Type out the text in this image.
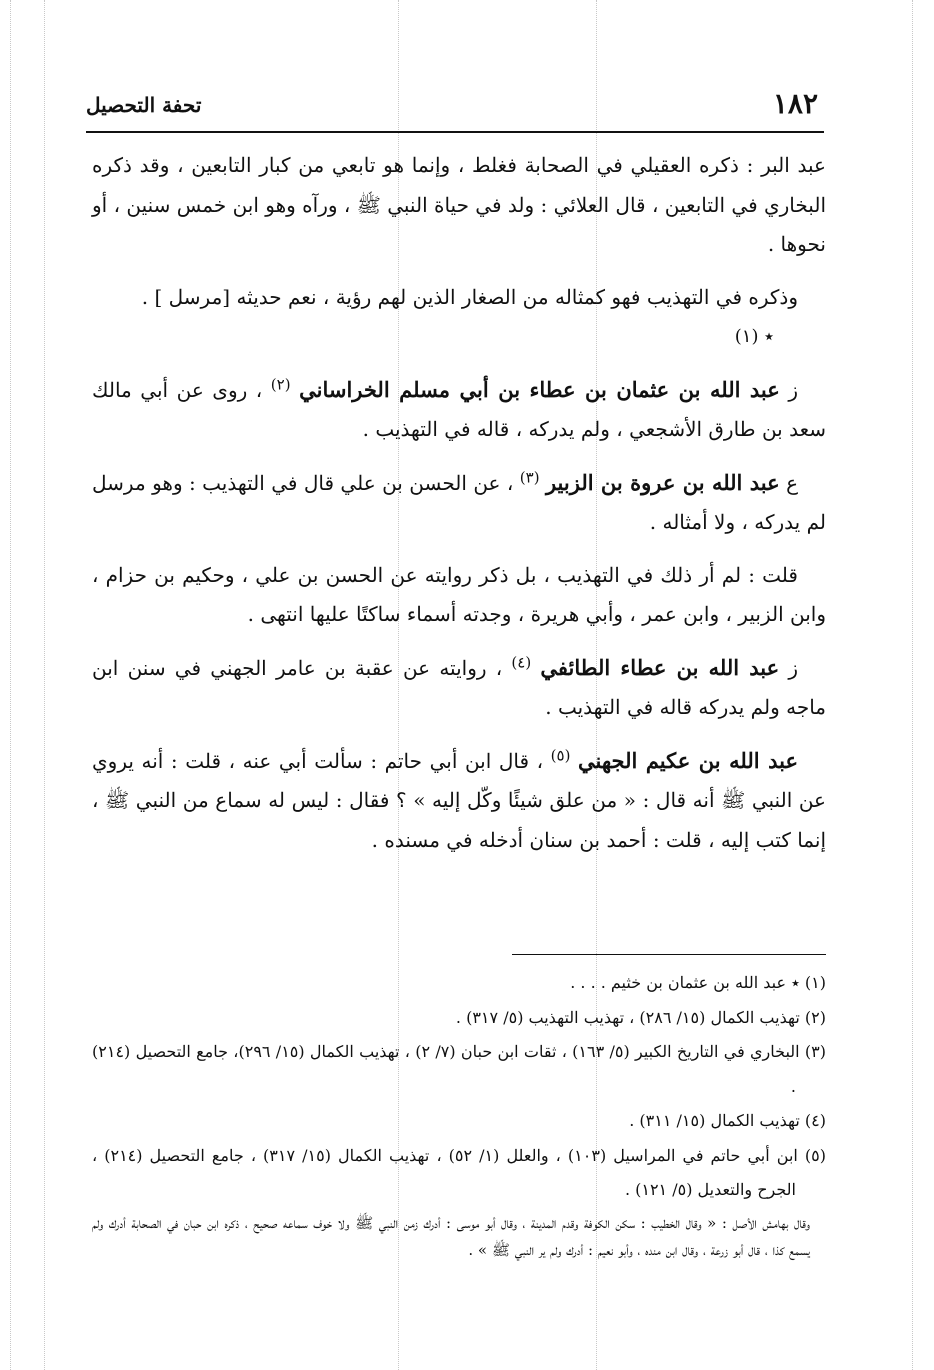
١٨٢
تحفة التحصيل

عبد البر : ذكره العقيلي في الصحابة فغلط ، وإنما هو تابعي من كبار التابعين ، وقد ذكره البخاري في التابعين ، قال العلائي : ولد في حياة النبي ﷺ ، ورآه وهو ابن خمس سنين ، أو نحوها .

وذكره في التهذيب فهو كمثاله من الصغار الذين لهم رؤية ، نعم حديثه [مرسل ] .

٭ (١)

ز عبد الله بن عثمان بن عطاء بن أبي مسلم الخراساني $^{(٢)}$ ، روى عن أبي مالك سعد بن طارق الأشجعي ، ولم يدركه ، قاله في التهذيب .

ع عبد الله بن عروة بن الزبير $^{(٣)}$ ، عن الحسن بن علي قال في التهذيب : وهو مرسل لم يدركه ، ولا أمثاله .

قلت : لم أر ذلك في التهذيب ، بل ذكر روايته عن الحسن بن علي ، وحكيم بن حزام ، وابن الزبير ، وابن عمر ، وأبي هريرة ، وجدته أسماء ساكتًا عليها انتهى .

ز عبد الله بن عطاء الطائفي $^{(٤)}$ ، روايته عن عقبة بن عامر الجهني في سنن ابن ماجه ولم يدركه قاله في التهذيب .

عبد الله بن عكيم الجهني $^{(٥)}$ ، قال ابن أبي حاتم : سألت أبي عنه ، قلت : أنه يروي عن النبي ﷺ أنه قال : « من علق شيئًا وكّل إليه » ؟ فقال : ليس له سماع من النبي ﷺ ، إنما كتب إليه ، قلت : أحمد بن سنان أدخله في مسنده .

(١) ٭ عبد الله بن عثمان بن خثيم . . . .

(٢) تهذيب الكمال (١٥/ ٢٨٦) ، تهذيب التهذيب (٥/ ٣١٧) .

(٣) البخاري في التاريخ الكبير (٥/ ١٦٣) ، ثقات ابن حبان (٧/ ٢) ، تهذيب الكمال (١٥/ ٢٩٦)، جامع التحصيل (٢١٤) .

(٤) تهذيب الكمال (١٥/ ٣١١) .

(٥) ابن أبي حاتم في المراسيل (١٠٣) ، والعلل (١/ ٥٢) ، تهذيب الكمال (١٥/ ٣١٧) ، جامع التحصيل (٢١٤) ، الجرح والتعديل (٥/ ١٢١) .

وقال بهامش الأصل : « وقال الخطيب : سكن الكوفة وقدم المدينة ، وقال أبو موسى : أدرك زمن النبي ﷺ ولا خوف سماعه صحيح ، ذكره ابن حبان في الصحابة أدرك ولم يسمع كذا ، قال أبو زرعة ، وقال ابن منده ، وأبو نعيم : أدرك ولم ير النبي ﷺ » .
